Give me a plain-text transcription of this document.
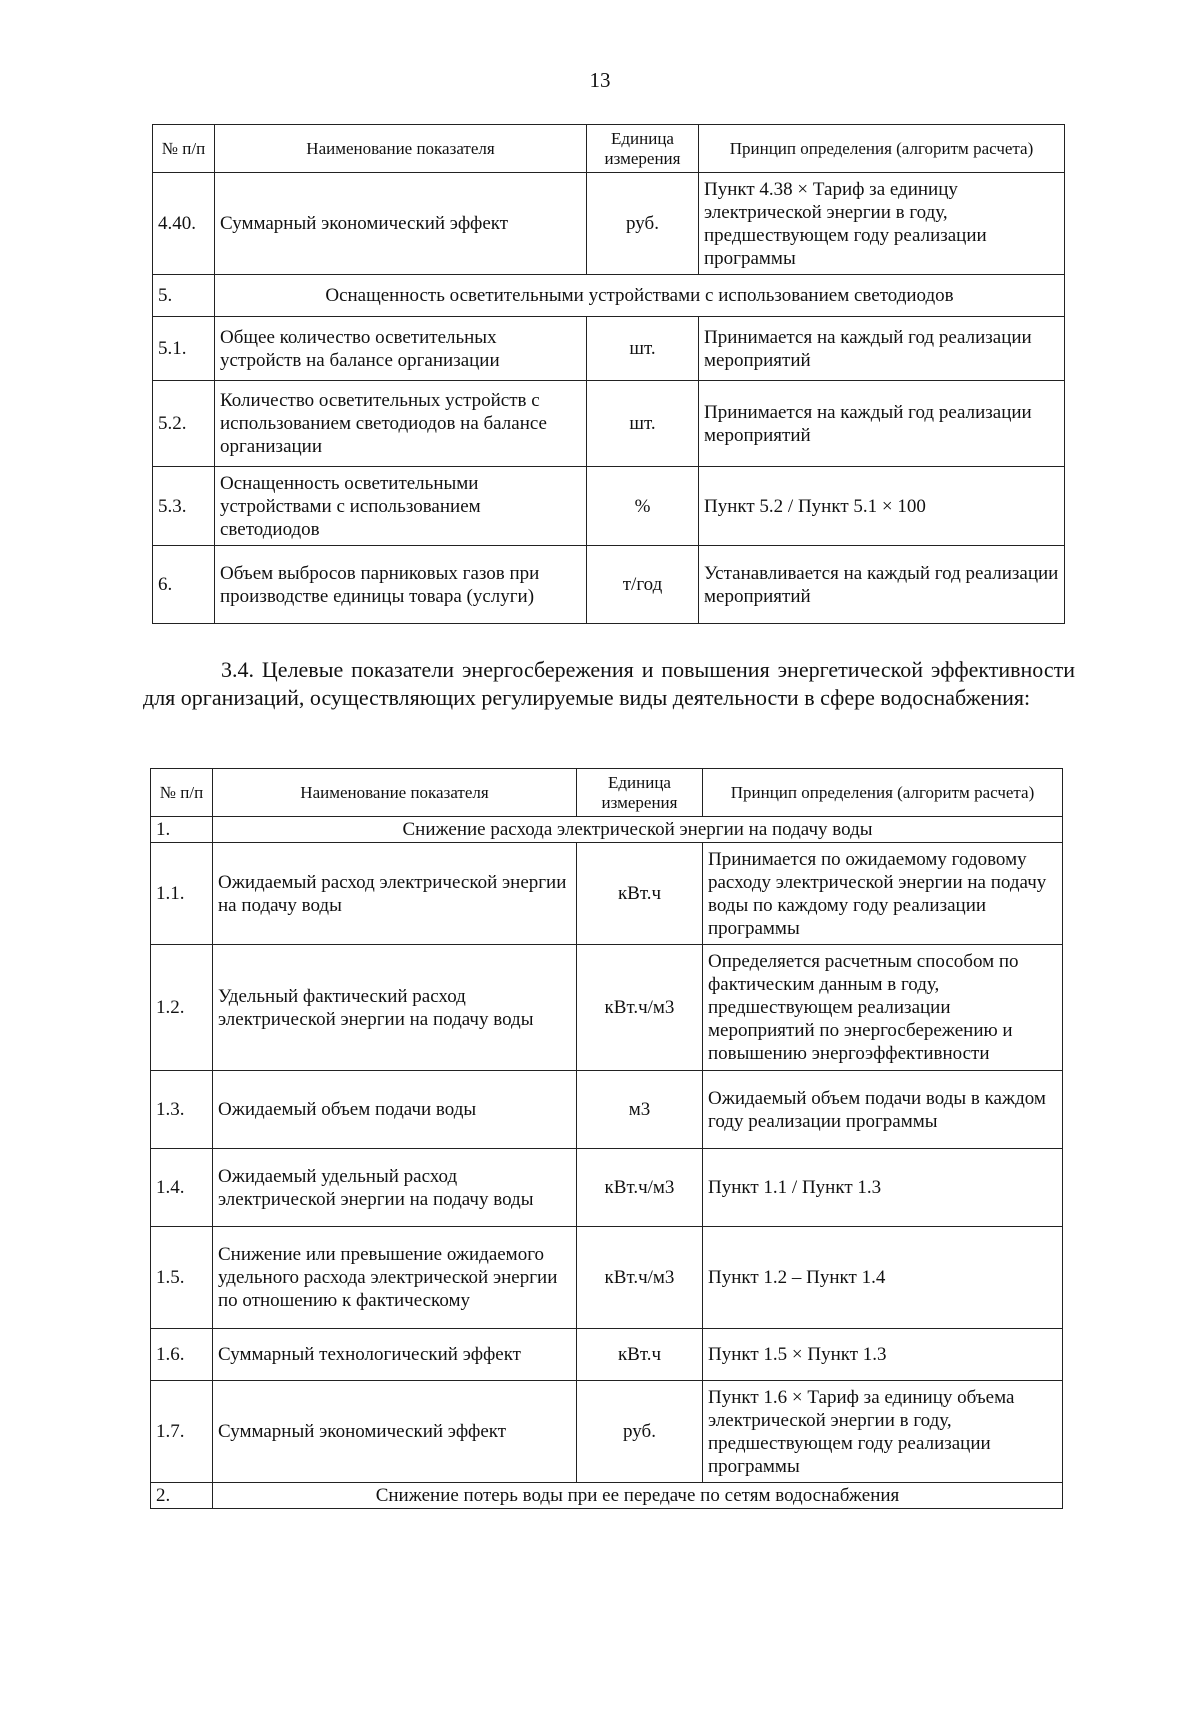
13
№ п/п	Наименование показателя	Единица измерения	Принцип определения (алгоритм расчета)
4.40.	Суммарный экономический эффект	руб.	Пункт 4.38 × Тариф за единицу электрической энергии в году, предшествующем году реализации программы
5.	Оснащенность осветительными устройствами с использованием светодиодов		
5.1.	Общее количество осветительных устройств на балансе организации	шт.	Принимается на каждый год реализации мероприятий
5.2.	Количество осветительных устройств с использованием светодиодов на балансе организации	шт.	Принимается на каждый год реализации мероприятий
5.3.	Оснащенность осветительными устройствами с использованием светодиодов	%	Пункт 5.2 / Пункт 5.1 × 100
6.	Объем выбросов парниковых газов при производстве единицы товара (услуги)	т/год	Устанавливается на каждый год реализации мероприятий
3.4. Целевые показатели энергосбережения и повышения энергетической эффективности для организаций, осуществляющих регулируемые виды деятельности в сфере водоснабжения:
№ п/п	Наименование показателя	Единица измерения	Принцип определения (алгоритм расчета)
1.	Снижение расхода электрической энергии на подачу воды		
1.1.	Ожидаемый расход электрической энергии на подачу воды	кВт.ч	Принимается по ожидаемому годовому расходу электрической энергии на подачу воды по каждому году реализации программы
1.2.	Удельный фактический расход электрической энергии на подачу воды	кВт.ч/м3	Определяется расчетным способом по фактическим данным в году, предшествующем реализации мероприятий по энергосбережению и повышению энергоэффективности
1.3.	Ожидаемый объем подачи воды	м3	Ожидаемый объем подачи воды в каждом году реализации программы
1.4.	Ожидаемый удельный расход электрической энергии на подачу воды	кВт.ч/м3	Пункт 1.1 / Пункт 1.3
1.5.	Снижение или превышение ожидаемого удельного расхода электрической энергии по отношению к фактическому	кВт.ч/м3	Пункт 1.2 – Пункт 1.4
1.6.	Суммарный технологический эффект	кВт.ч	Пункт 1.5 × Пункт 1.3
1.7.	Суммарный экономический эффект	руб.	Пункт 1.6 × Тариф за единицу объема электрической энергии в году, предшествующем году реализации программы
2.	Снижение потерь воды при ее передаче по сетям водоснабжения		
